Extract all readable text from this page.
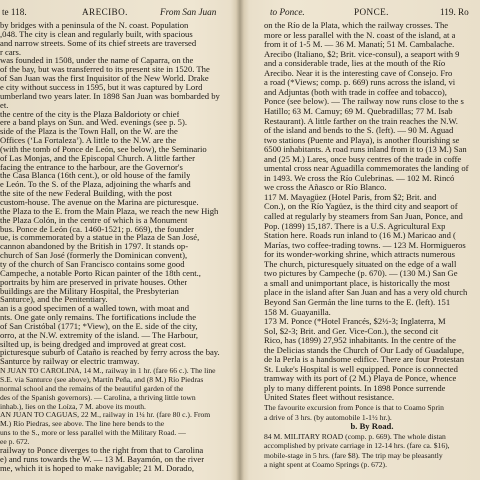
te 118.	ARECIBO.	From San Juan
by bridges with a peninsula of the N. coast. Population
,048. The city is clean and regularly built, with spacious
and narrow streets. Some of its chief streets are traversed
r cars.
was founded in 1508, under the name of Caparra, on the
of the bay, but was transferred to its present site in 1520. The
of San Juan was the first Inquisitor of the New World. Drake
e city without success in 1595, but it was captured by Lord
umberland two years later. In 1898 San Juan was bombarded by
et.
the centre of the city is the Plaza Baldorioty or chief
ere a band plays on Sun. and Wed. evenings (see p. 5).
side of the Plaza is the Town Hall, on the W. are the
Offices (‘La Fortaleza’). A little to the N.W. are the
(with the tomb of Ponce de León, see below), the Seminario
of Las Monjas, and the Episcopal Church. A little farther
facing the entrance to the harbour, are the Governor's
the Casa Blanca (16th cent.), or old house of the family
e León. To the S. of the Plaza, adjoining the wharfs and
the site of the new Federal Building, with the post
custom-house. The avenue on the Marina are picturesque.
the Plaza to the E. from the Main Plaza, we reach the new High
the Plaza Colón, in the centre of which is a Monument
bus. Ponce de León (ca. 1460-1521; p. 669), the founder
ue, is commemorated by a statue in the Plaza de San José,
cannon abandoned by the British in 1797. It stands op-
church of San José (formerly the Dominican convent),
ty of the church of San Francisco contains some good
Campeche, a notable Porto Rican painter of the 18th cent.,
portraits by him are preserved in private houses. Other
buildings are the Military Hospital, the Presbyterian
Santurce), and the Penitentiary.
an is a good specimen of a walled town, with moat and
nts. One gate only remains. The fortifications include the
of San Cristóbal (1771; *View), on the E. side of the city,
orro, at the N.W. extremity of the island. — The Harbour,
silted up, is being dredged and improved at great cost.
picturesque suburb of Cataño is reached by ferry across the bay.
Santurce by railway or electric tramway.
N JUAN TO CAROLINA, 14 M., railway in 1 hr. (fare 66 c.). The line
S.E. via Santurce (see above), Martín Peña, and (8 M.) Río Piedras
normal school and the remains of the beautiful garden of the
des of the Spanish governors). — Carolina, a thriving little town
inhab.), lies on the Loíza, 7 M. above its mouth.
AN JUAN TO CAGUAS, 22 M., railway in 1¼ hr. (fare 80 c.). From
M.) Río Piedras, see above. The line here bends to the
uns to the S., more or less parallel with the Military Road. —
ee p. 672.
railway to Ponce diverges to the right from that to Carolina
e) and runs towards the W. — 13 M. Bayamón, on the river
me, which it is hoped to make navigable; 21 M. Dorado,
to Ponce.	PONCE.	119. Ro
on the Río de la Plata, which the railway crosses. The
more or less parallel with the N. coast of the island, at a
from it of 1-5 M. — 36 M. Manatí; 51 M. Cambalache.
Arecibo (Italiano, $2; Brit. vice-consul), a seaport with 9
and a considerable trade, lies at the mouth of the Río
Arecibo. Near it is the interesting cave of Consejo. Fro
a road (*Views; comp. p. 669) runs across the island, vi
and Adjuntas (both with trade in coffee and tobacco),
Ponce (see below). — The railway now runs close to the s
Hatillo; 63 M. Camuy; 69 M. Quebradillas; 77 M. Isab
Restaurant). A little farther on the train reaches the N.W.
of the island and bends to the S. (left). — 90 M. Aguad
two stations (Puente and Playa), is another flourishing se
6500 inhabitants. A road runs inland from it to (13 M.) San
and (25 M.) Lares, once busy centres of the trade in coffe
umental cross near Aguadilla commemorates the landing of
in 1493. We cross the Río Culebrinas. — 102 M. Rincó
we cross the Añasco or Río Blanco.
117 M. Mayagüez (Hotel Paris, from $2; Brit. and
Con.), on the Río Yagüez, is the third city and seaport of
called at regularly by steamers from San Juan, Ponce, and
Pop. (1899) 15,187. There is a U.S. Agricultural Exp
Station here. Roads run inland to (16 M.) Maricao and (
Marías, two coffee-trading towns. — 123 M. Hormigueros
for its wonder-working shrine, which attracts numerous
The church, picturesquely situated on the edge of a wall
two pictures by Campeche (p. 670). — (130 M.) San Ge
a small and unimportant place, is historically the most
place in the island after San Juan and has a very old church
Beyond San Germán the line turns to the E. (left). 151
158 M. Guayanilla.
173 M. Ponce (*Hotel Francés, $2½-3; Inglaterra, M
Sol, $2-3; Brit. and Ger. Vice-Con.), the second cit
Rico, has (1899) 27,952 inhabitants. In the centre of the
the Delicias stands the Church of Our Lady of Guadalupe,
de la Perla is a handsome edifice. There are four Protestan
St. Luke's Hospital is well equipped. Ponce is connected
tramway with its port of (2 M.) Playa de Ponce, whence
ply to many different points. In 1898 Ponce surrende
United States fleet without resistance.
The favourite excursion from Ponce is that to Coamo Sprin
a drive of 3 hrs. (by automobile 1-1½ hr.).
b. By Road.
84 M. MILITARY ROAD (comp. p. 669). The whole distan
accomplished by private carriage in 12-14 hrs. (fare ca. $16),
mobile-stage in 5 hrs. (fare $8). The trip may be pleasantly
a night spent at Coamo Springs (p. 672).
